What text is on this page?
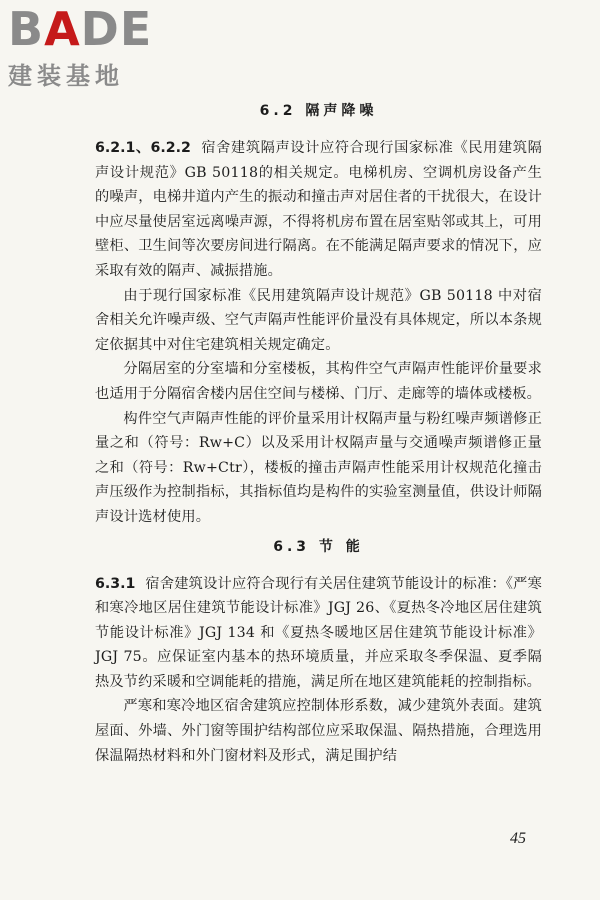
B A DE
建装基地
6.2 隔声降噪

6.2.1、6.2.2 宿舍建筑隔声设计应符合现行国家标准《民用建筑隔声设计规范》GB 50118的相关规定。电梯机房、空调机房设备产生的噪声，电梯井道内产生的振动和撞击声对居住者的干扰很大，在设计中应尽量使居室远离噪声源，不得将机房布置在居室贴邻或其上，可用壁柜、卫生间等次要房间进行隔离。在不能满足隔声要求的情况下，应采取有效的隔声、减振措施。

由于现行国家标准《民用建筑隔声设计规范》GB 50118 中对宿舍相关允许噪声级、空气声隔声性能评价量没有具体规定，所以本条规定依据其中对住宅建筑相关规定确定。

分隔居室的分室墙和分室楼板，其构件空气声隔声性能评价量要求也适用于分隔宿舍楼内居住空间与楼梯、门厅、走廊等的墙体或楼板。

构件空气声隔声性能的评价量采用计权隔声量与粉红噪声频谱修正量之和（符号：Rw+C）以及采用计权隔声量与交通噪声频谱修正量之和（符号：Rw+Ctr），楼板的撞击声隔声性能采用计权规范化撞击声压级作为控制指标，其指标值均是构件的实验室测量值，供设计师隔声设计选材使用。

6.3 节 能

6.3.1 宿舍建筑设计应符合现行有关居住建筑节能设计的标准：《严寒和寒冷地区居住建筑节能设计标准》JGJ 26、《夏热冬冷地区居住建筑节能设计标准》JGJ 134 和《夏热冬暖地区居住建筑节能设计标准》JGJ 75。应保证室内基本的热环境质量，并应采取冬季保温、夏季隔热及节约采暖和空调能耗的措施，满足所在地区建筑能耗的控制指标。

严寒和寒冷地区宿舍建筑应控制体形系数，减少建筑外表面。建筑屋面、外墙、外门窗等围护结构部位应采取保温、隔热措施，合理选用保温隔热材料和外门窗材料及形式，满足围护结

45
